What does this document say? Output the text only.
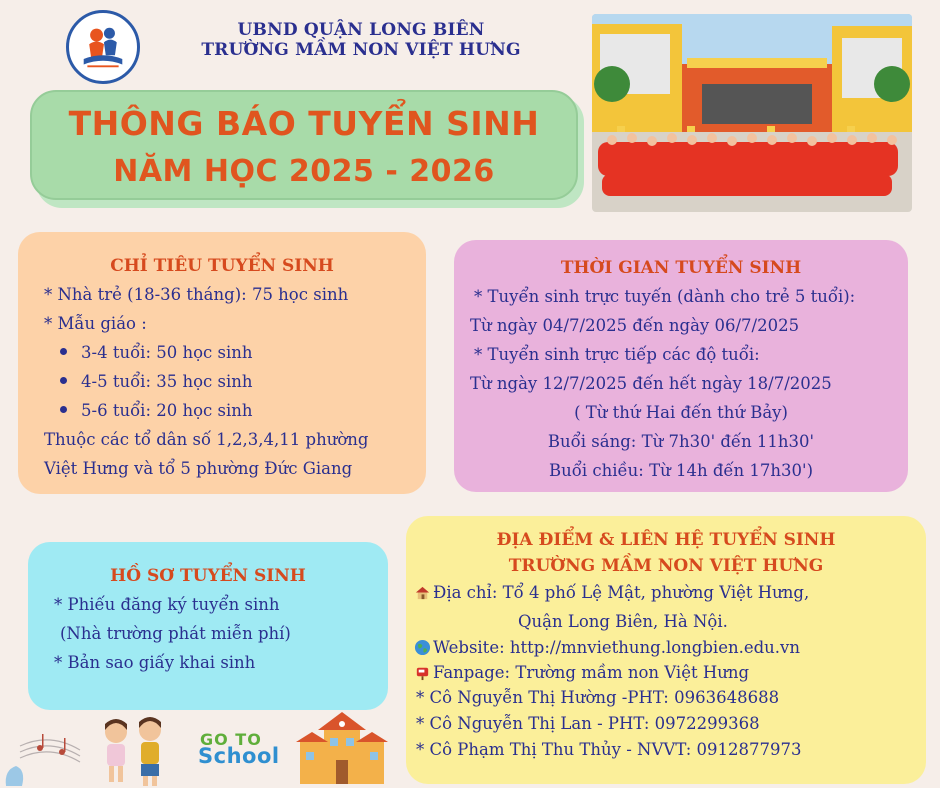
UBND QUẬN LONG BIÊN
TRƯỜNG MẦM NON VIỆT HƯNG
THÔNG BÁO TUYỂN SINH
NĂM HỌC 2025 - 2026
CHỈ TIÊU TUYỂN SINH
* Nhà trẻ (18-36 tháng): 75 học sinh
* Mẫu giáo :
3-4 tuổi: 50 học sinh
4-5 tuổi: 35 học sinh
5-6 tuổi: 20 học sinh
Thuộc các tổ dân số 1,2,3,4,11 phường
Việt Hưng và tổ 5 phường Đức Giang
THỜI GIAN TUYỂN SINH
* Tuyển sinh trực tuyến (dành cho trẻ 5 tuổi):
Từ ngày 04/7/2025 đến ngày 06/7/2025
* Tuyển sinh trực tiếp các độ tuổi:
Từ ngày 12/7/2025 đến hết ngày 18/7/2025
( Từ thứ Hai đến thứ Bảy)
Buổi sáng: Từ 7h30' đến 11h30'
Buổi chiều: Từ 14h đến 17h30')
HỒ SƠ TUYỂN SINH
* Phiếu đăng ký tuyển sinh
(Nhà trường phát miễn phí)
* Bản sao giấy khai sinh
ĐỊA ĐIỂM & LIÊN HỆ TUYỂN SINH
TRƯỜNG MẦM NON VIỆT HƯNG
Địa chỉ: Tổ 4 phố Lệ Mật, phường Việt Hưng,
Quận Long Biên, Hà Nội.
Website: http://mnviethung.longbien.edu.vn
Fanpage: Trường mầm non Việt Hưng
* Cô Nguyễn Thị Hường -PHT: 0963648688
* Cô Nguyễn Thị Lan - PHT: 0972299368
* Cô Phạm Thị Thu Thủy - NVVT: 0912877973
GO TO
School
